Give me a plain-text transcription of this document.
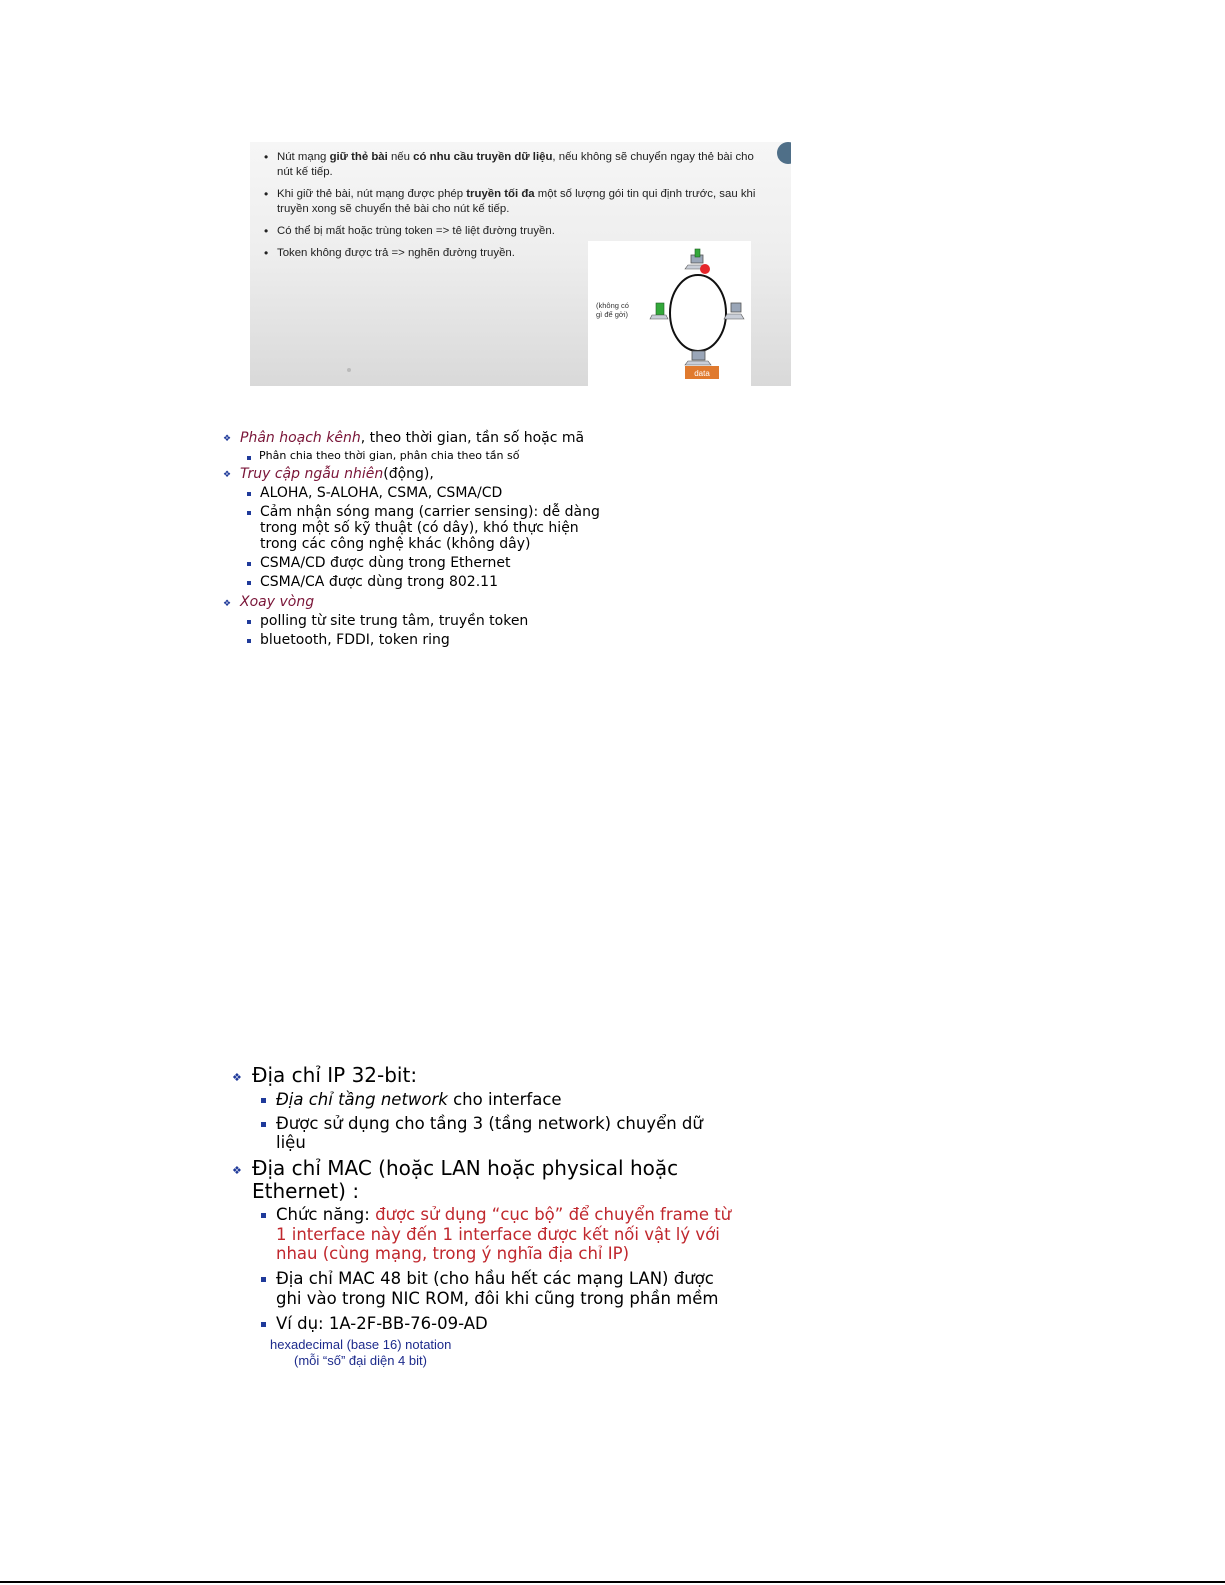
• Nút mạng giữ thẻ bài nếu có nhu cầu truyền dữ liệu, nếu không sẽ chuyển ngay thẻ bài cho nút kế tiếp.
• Khi giữ thẻ bài, nút mạng được phép truyền tối đa một số lượng gói tin qui định trước, sau khi truyền xong sẽ chuyển thẻ bài cho nút kế tiếp.
• Có thể bị mất hoặc trùng token => tê liệt đường truyền.
• Token không được trả => nghẽn đường truyền.
(không có
gì để gởi)
data
❖ Phân hoạch kênh, theo thời gian, tần số hoặc mã
Phân chia theo thời gian, phân chia theo tần số
❖ Truy cập ngẫu nhiên(động),
ALOHA, S-ALOHA, CSMA, CSMA/CD
Cảm nhận sóng mang (carrier sensing): dễ dàng
trong một số kỹ thuật (có dây), khó thực hiện
trong các công nghệ khác (không dây)
CSMA/CD được dùng trong Ethernet
CSMA/CA được dùng trong 802.11
❖ Xoay vòng
polling từ site trung tâm, truyền token
bluetooth, FDDI, token ring
❖ Địa chỉ IP 32-bit:
Địa chỉ tầng network cho interface
Được sử dụng cho tầng 3 (tầng network) chuyển dữ
liệu
❖ Địa chỉ MAC (hoặc LAN hoặc physical hoặc
Ethernet) :
Chức năng: được sử dụng “cục bộ” để chuyển frame từ
1 interface này đến 1 interface được kết nối vật lý với
nhau (cùng mạng, trong ý nghĩa địa chỉ IP)
Địa chỉ MAC 48 bit (cho hầu hết các mạng LAN) được
ghi vào trong NIC ROM, đôi khi cũng trong phần mềm
Ví dụ: 1A-2F-BB-76-09-AD
hexadecimal (base 16) notation
(mỗi “số” đại diện 4 bit)
